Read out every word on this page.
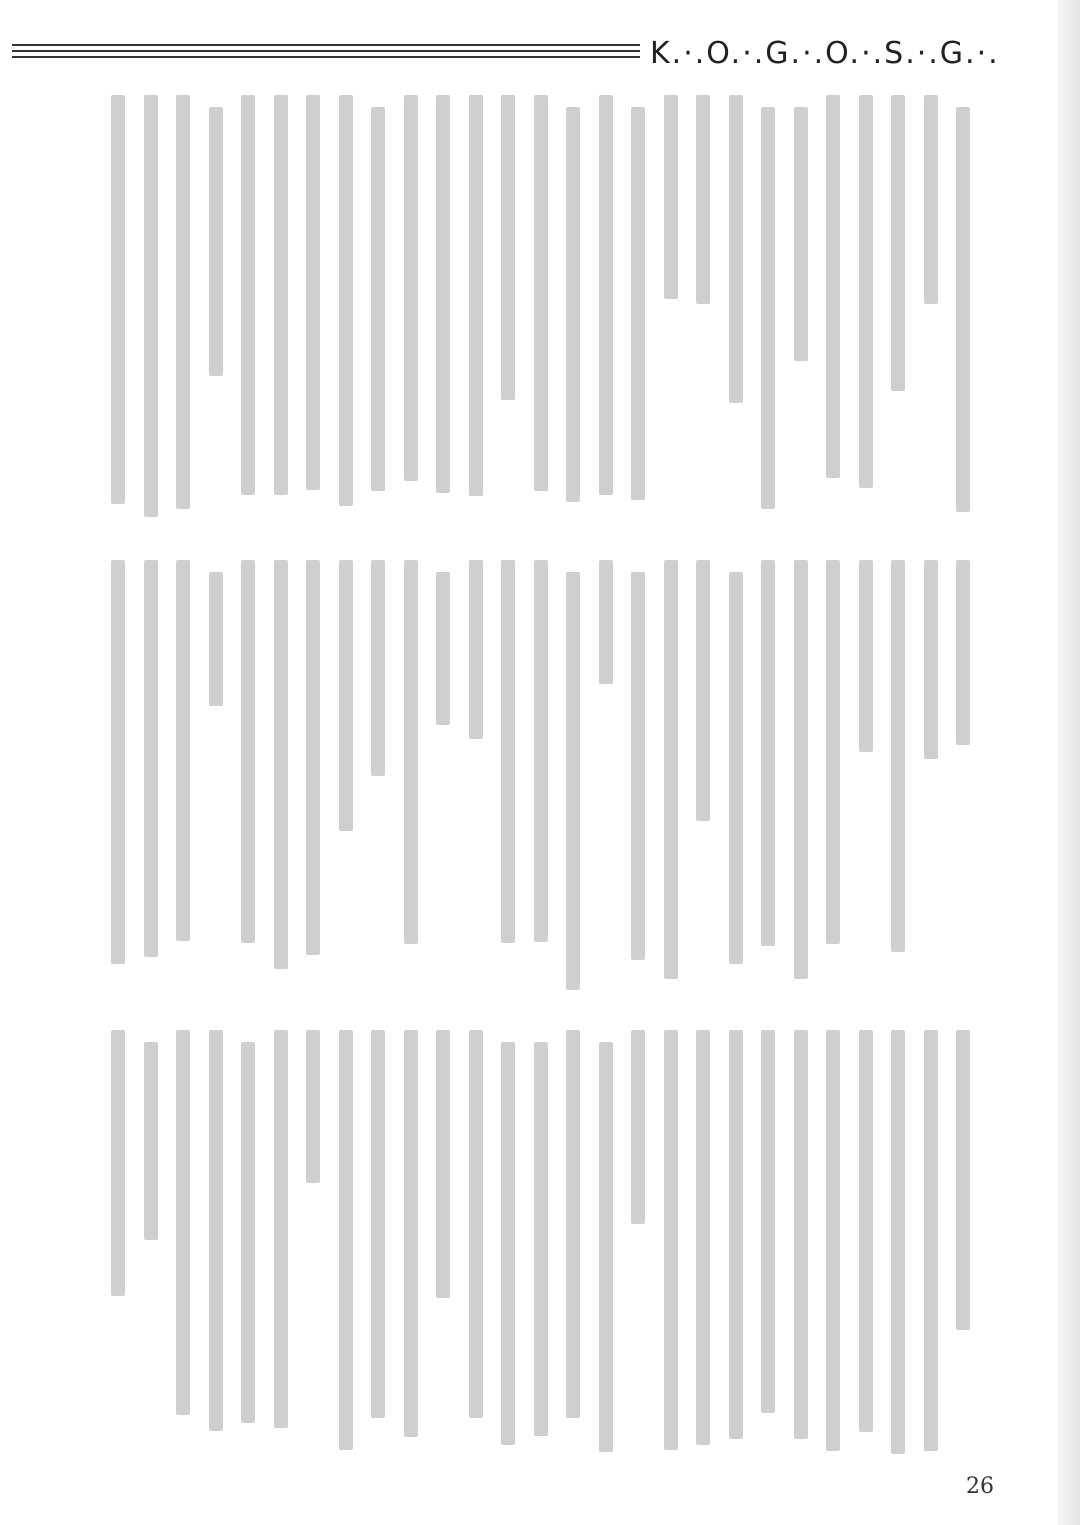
K.·.O.·.G.·.O.·.S.·.G.·.
26
